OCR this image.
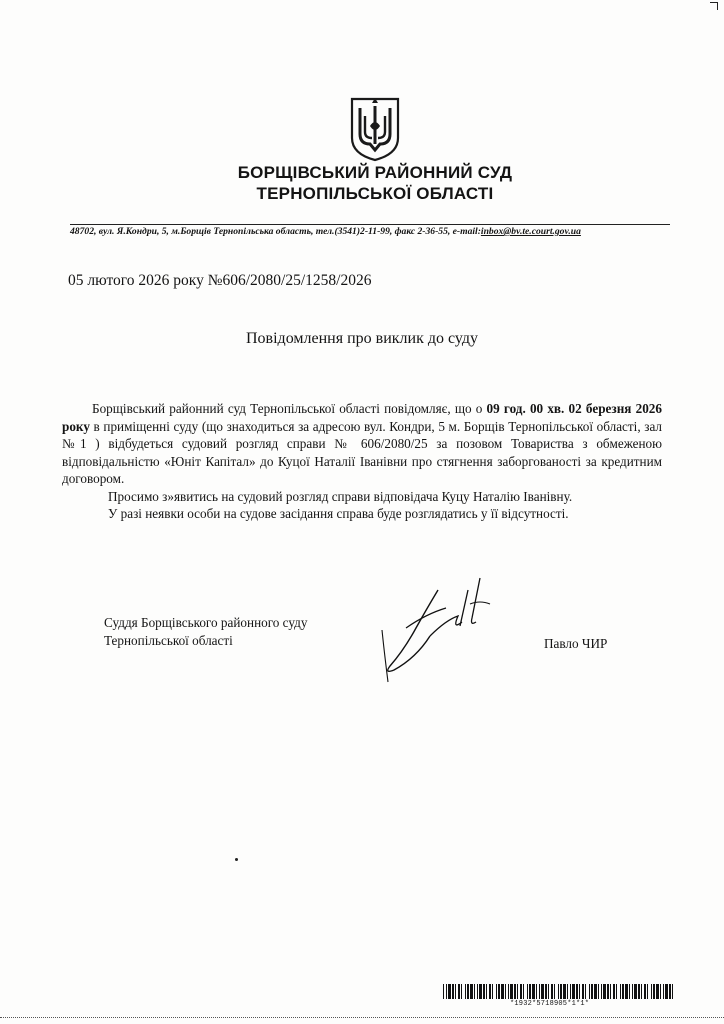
БОРЩІВСЬКИЙ РАЙОННИЙ СУД
ТЕРНОПІЛЬСЬКОЇ ОБЛАСТІ
48702, вул. Я.Кондри, 5, м.Борщів Тернопільська область, тел.(3541)2-11-99, факс 2-36-55, e-mail:inbox@bv.te.court.gov.ua
05 лютого 2026 року №606/2080/25/1258/2026
Повідомлення про виклик до суду

Борщівський районний суд Тернопільської області повідомляє, що о 09 год. 00 хв. 02 березня 2026 року в приміщенні суду (що знаходиться за адресою вул. Кондри, 5 м. Борщів Тернопільської області, зал №1 ) відбудеться судовий розгляд справи № 606/2080/25 за позовом Товариства з обмеженою відповідальністю «Юніт Капітал» до Куцої Наталії Іванівни про стягнення заборгованості за кредитним договором.

Просимо з»явитись на судовий розгляд справи відповідача Куцу Наталію Іванівну.

У разі неявки особи на судове засідання справа буде розглядатись у її відсутності.

Суддя Борщівського районного суду
Тернопільської області	Павло ЧИР
*1932*5718905*1*1*
